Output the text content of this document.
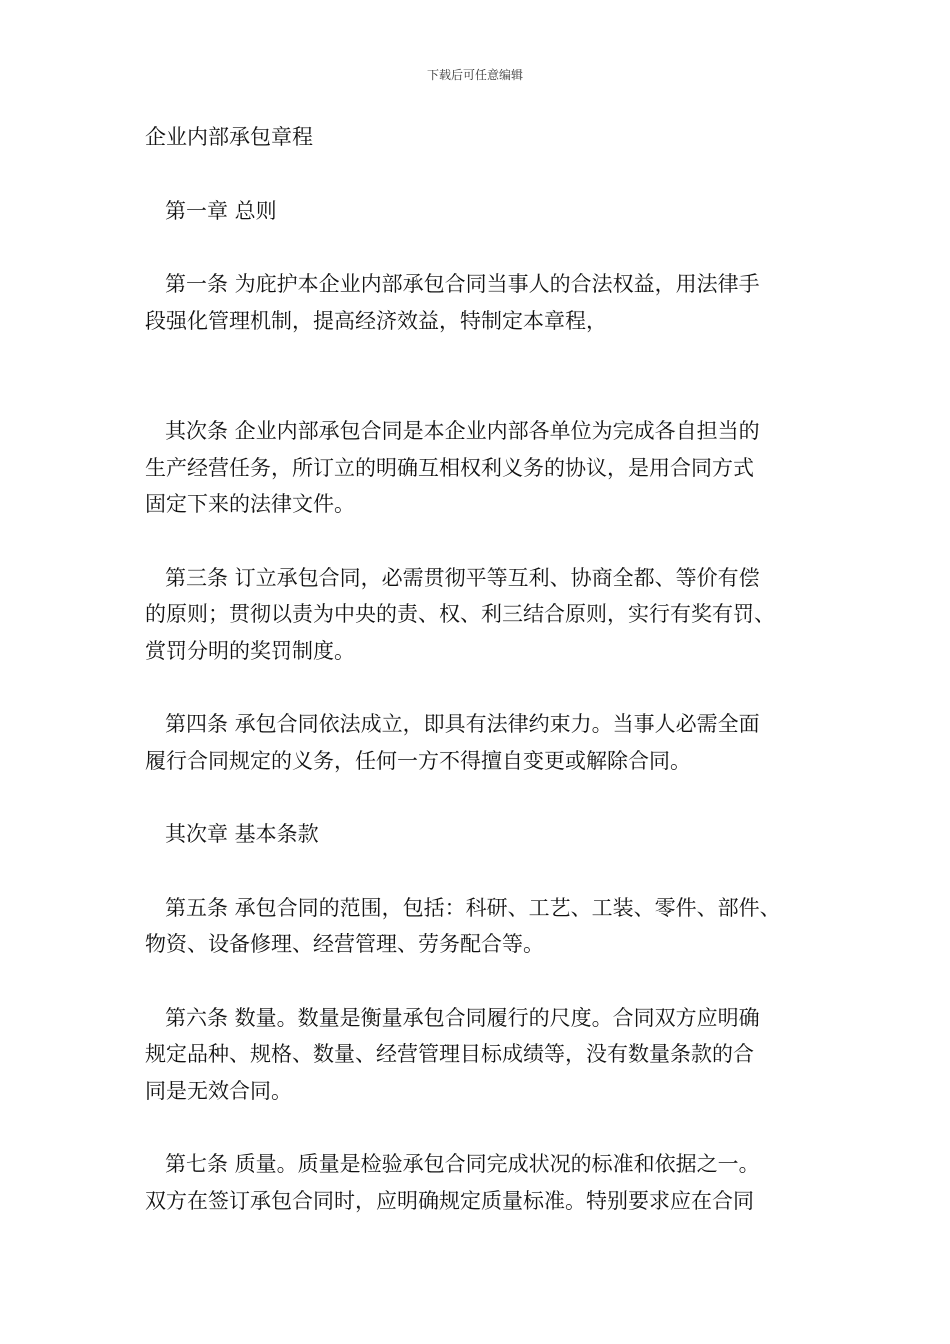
下载后可任意编辑
企业内部承包章程
第一章 总则
第一条 为庇护本企业内部承包合同当事人的合法权益，用法律手
段强化管理机制，提高经济效益，特制定本章程，
其次条 企业内部承包合同是本企业内部各单位为完成各自担当的
生产经营任务，所订立的明确互相权利义务的协议，是用合同方式
固定下来的法律文件。
第三条 订立承包合同，必需贯彻平等互利、协商全都、等价有偿
的原则；贯彻以责为中央的责、权、利三结合原则，实行有奖有罚、
赏罚分明的奖罚制度。
第四条 承包合同依法成立，即具有法律约束力。当事人必需全面
履行合同规定的义务，任何一方不得擅自变更或解除合同。
其次章 基本条款
第五条 承包合同的范围，包括：科研、工艺、工装、零件、部件、
物资、设备修理、经营管理、劳务配合等。
第六条 数量。数量是衡量承包合同履行的尺度。合同双方应明确
规定品种、规格、数量、经营管理目标成绩等，没有数量条款的合
同是无效合同。
第七条 质量。质量是检验承包合同完成状况的标准和依据之一。
双方在签订承包合同时，应明确规定质量标准。特别要求应在合同
